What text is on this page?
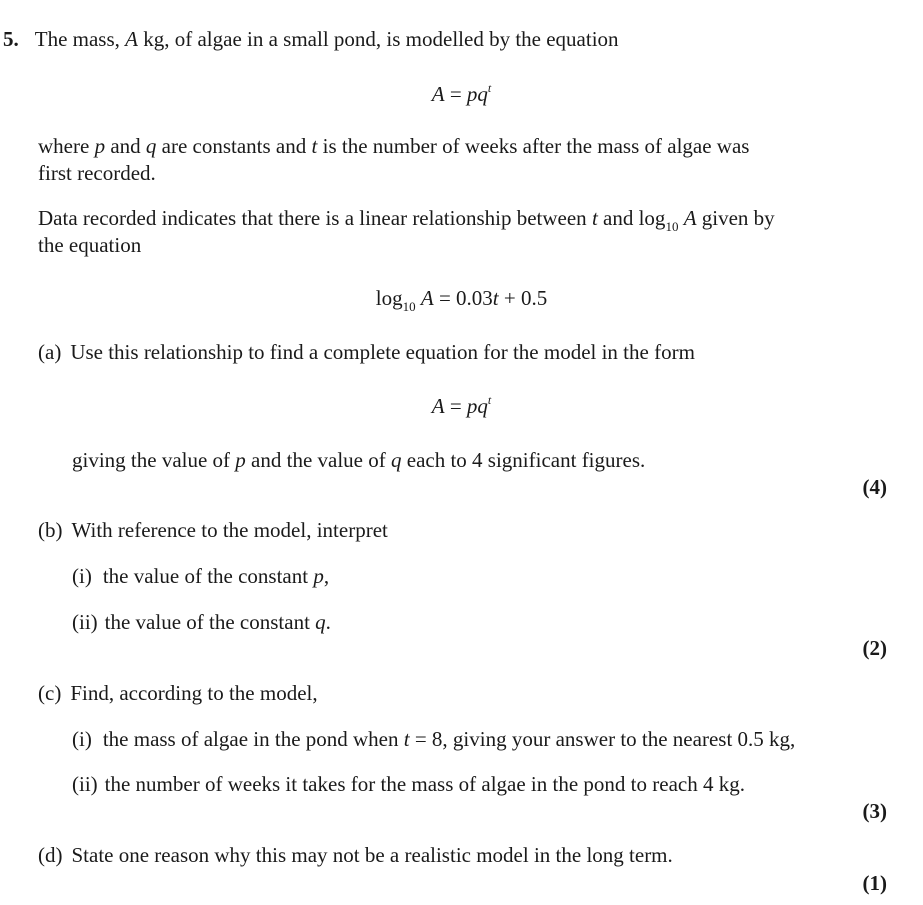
5. The mass, A kg, of algae in a small pond, is modelled by the equation
$A = pq^t$
where p and q are constants and t is the number of weeks after the mass of algae was
first recorded.
Data recorded indicates that there is a linear relationship between t and $\log_{10} A$ given by
the equation
$\log_{10} A = 0.03t + 0.5$
(a) Use this relationship to find a complete equation for the model in the form
$A = pq^t$
giving the value of p and the value of q each to 4 significant figures.
(4)
(b) With reference to the model, interpret
(i) the value of the constant p,
(ii) the value of the constant q.
(2)
(c) Find, according to the model,
(i) the mass of algae in the pond when t = 8, giving your answer to the nearest 0.5 kg,
(ii) the number of weeks it takes for the mass of algae in the pond to reach 4 kg.
(3)
(d) State one reason why this may not be a realistic model in the long term.
(1)
